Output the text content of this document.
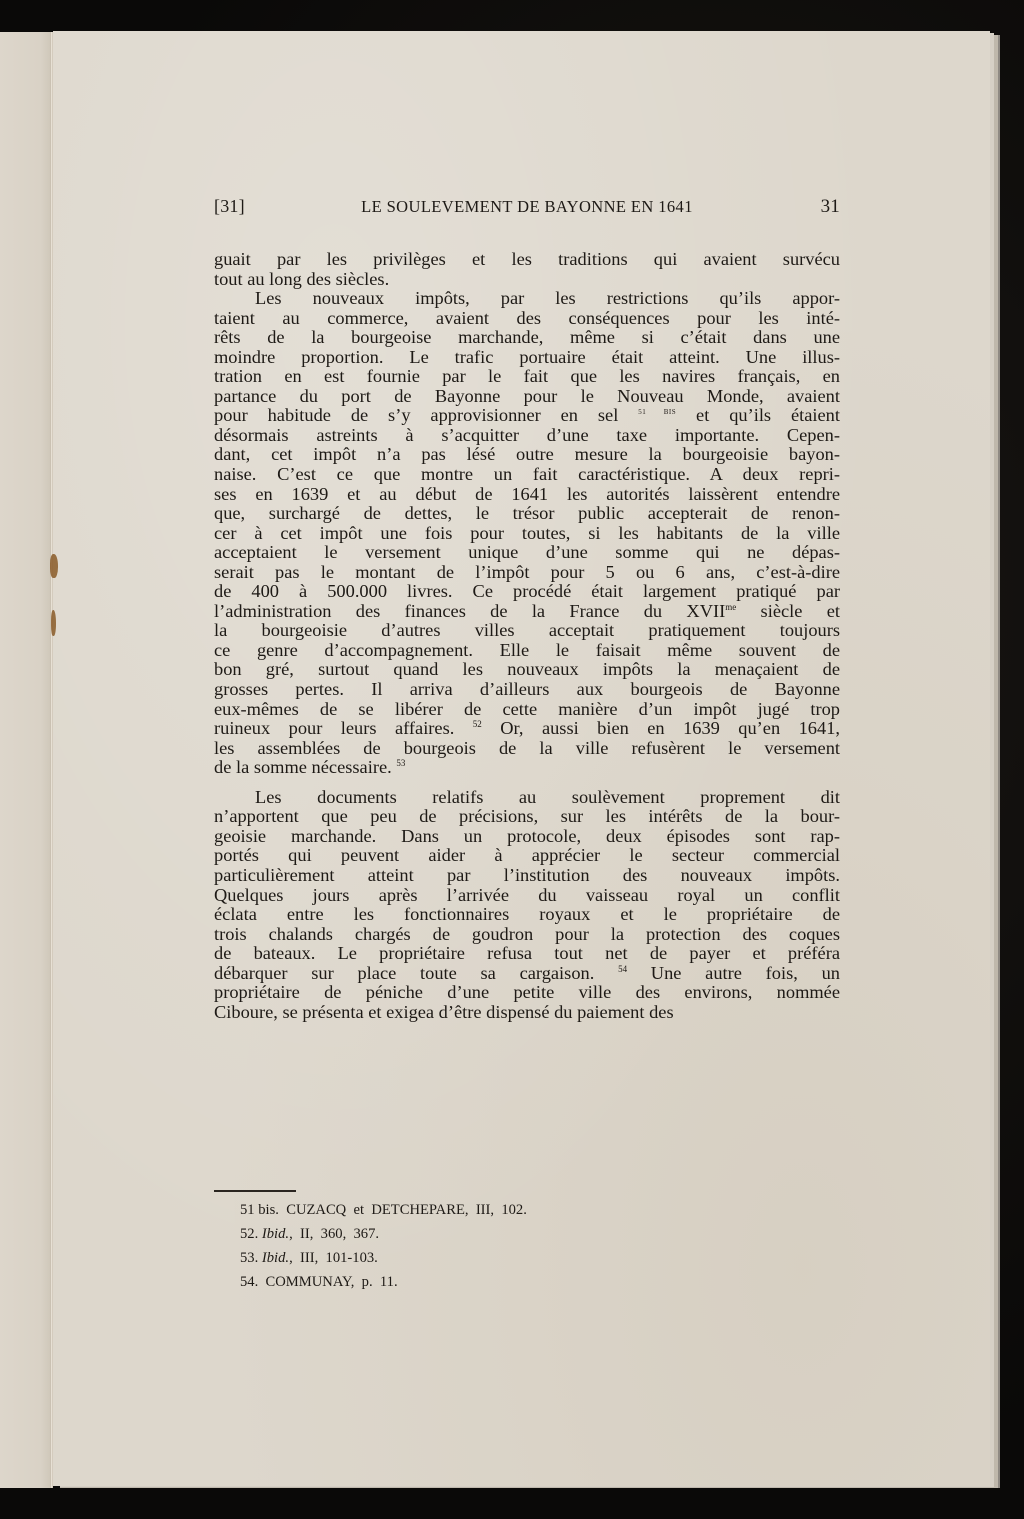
[31]	LE SOULEVEMENT DE BAYONNE EN 1641	31
guait par les privilèges et les traditions qui avaient survécu
tout au long des siècles.
Les nouveaux impôts, par les restrictions qu’ils appor-
taient au commerce, avaient des conséquences pour les inté-
rêts de la bourgeoise marchande, même si c’était dans une
moindre proportion. Le trafic portuaire était atteint. Une illus-
tration en est fournie par le fait que les navires français, en
partance du port de Bayonne pour le Nouveau Monde, avaient
pour habitude de s’y approvisionner en sel $^{51 BIS}$ et qu’ils étaient
désormais astreints à s’acquitter d’une taxe importante. Cepen-
dant, cet impôt n’a pas lésé outre mesure la bourgeoisie bayon-
naise. C’est ce que montre un fait caractéristique. A deux repri-
ses en 1639 et au début de 1641 les autorités laissèrent entendre
que, surchargé de dettes, le trésor public accepterait de renon-
cer à cet impôt une fois pour toutes, si les habitants de la ville
acceptaient le versement unique d’une somme qui ne dépas-
serait pas le montant de l’impôt pour 5 ou 6 ans, c’est-à-dire
de 400 à 500.000 livres. Ce procédé était largement pratiqué par
l’administration des finances de la France du $XVII^{me}$ siècle et
la bourgeoisie d’autres villes acceptait pratiquement toujours
ce genre d’accompagnement. Elle le faisait même souvent de
bon gré, surtout quand les nouveaux impôts la menaçaient de
grosses pertes. Il arriva d’ailleurs aux bourgeois de Bayonne
eux-mêmes de se libérer de cette manière d’un impôt jugé trop
ruineux pour leurs affaires. $^{52}$ Or, aussi bien en 1639 qu’en 1641,
les assemblées de bourgeois de la ville refusèrent le versement
de la somme nécessaire. $^{53}$
Les documents relatifs au soulèvement proprement dit
n’apportent que peu de précisions, sur les intérêts de la bour-
geoisie marchande. Dans un protocole, deux épisodes sont rap-
portés qui peuvent aider à apprécier le secteur commercial
particulièrement atteint par l’institution des nouveaux impôts.
Quelques jours après l’arrivée du vaisseau royal un conflit
éclata entre les fonctionnaires royaux et le propriétaire de
trois chalands chargés de goudron pour la protection des coques
de bateaux. Le propriétaire refusa tout net de payer et préféra
débarquer sur place toute sa cargaison. $^{54}$ Une autre fois, un
propriétaire de péniche d’une petite ville des environs, nommée
Ciboure, se présenta et exigea d’être dispensé du paiement des
51 bis.  CUZACQ  et  DETCHEPARE,  III,  102.
52. Ibid.,  II,  360,  367.
53. Ibid.,  III,  101-103.
54.  COMMUNAY,  p.  11.
